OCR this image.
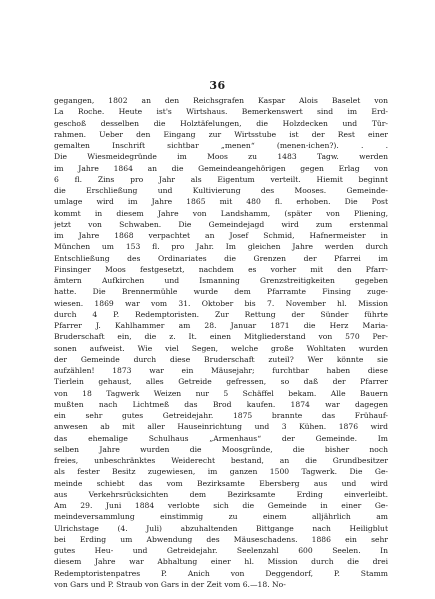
36
gegangen, 1802 an den Reichsgrafen Kaspar Alois Baselet von
La Roche. Heute ist's Wirtshaus. Bemerkenswert sind im Erd-
geschoß desselben die Holztäfelungen, die Holzdecken und Tür-
rahmen. Ueber den Eingang zur Wirtsstube ist der Rest einer
gemalten Inschrift sichtbar „menen“ (menen-ichen?). . .
Die Wiesmeidegründe im Moos zu 1483 Tagw. werden
im Jahre 1864 an die Gemeindeangehörigen gegen Erlag von
6 fl. Zins pro Jahr als Eigentum verteilt. Hiemit beginnt
die Erschließung und Kultivierung des Mooses. Gemeinde-
umlage wird im Jahre 1865 mit 480 fl. erhoben. Die Post
kommt in diesem Jahre von Landshamm, (später von Pliening,
jetzt von Schwaben. Die Gemeindejagd wird zum erstenmal
im Jahre 1868 verpachtet an Josef Schmid, Hafnermeister in
München um 153 fl. pro Jahr. Im gleichen Jahre werden durch
Entschließung des Ordinariates die Grenzen der Pfarrei im
Finsinger Moos festgesetzt, nachdem es vorher mit den Pfarr-
ämtern Aufkirchen und Ismanning Grenzstreitigkeiten gegeben
hatte. Die Brennermühle wurde dem Pfarramte Finsing zuge-
wiesen. 1869 war vom 31. Oktober bis 7. November hl. Mission
durch 4 P. Redemptoristen. Zur Rettung der Sünder führte
Pfarrer J. Kahlhammer am 28. Januar 1871 die Herz Maria-
Bruderschaft ein, die z. It. einen Mitgliederstand von 570 Per-
sonen aufweist. Wie viel Segen, welche große Wohltaten wurden
der Gemeinde durch diese Bruderschaft zuteil? Wer könnte sie
aufzählen! 1873 war ein Mäusejahr; furchtbar haben diese
Tierlein gehaust, alles Getreide gefressen, so daß der Pfarrer
von 18 Tagwerk Weizen nur 5 Schäffel bekam. Alle Bauern
mußten nach Lichtmeß das Brod kaufen. 1874 war dagegen
ein sehr gutes Getreidejahr. 1875 brannte das Frühauf-
anwesen ab mit aller Hauseinrichtung und 3 Kühen. 1876 wird
das ehemalige Schulhaus „Armenhaus“ der Gemeinde. Im
selben Jahre wurden die Moosgründe, die bisher noch
freies, unbeschränktes Weiderecht bestand, an die Grundbesitzer
als fester Besitz zugewiesen, im ganzen 1500 Tagwerk. Die Ge-
meinde schiebt das vom Bezirksamte Ebersberg aus und wird
aus Verkehrsrücksichten dem Bezirksamte Erding einverleibt.
Am 29. Juni 1884 verlobte sich die Gemeinde in einer Ge-
meindeversammlung einstimmig zu einem alljährlich am
Ulrichstage (4. Juli) abzuhaltenden Bittgange nach Heiligblut
bei Erding um Abwendung des Mäuseschadens. 1886 ein sehr
gutes Heu- und Getreidejahr. Seelenzahl 600 Seelen. In
diesem Jahre war Abhaltung einer hl. Mission durch die drei
Redemptoristenpatres P. Anich von Deggendorf, P. Stamm
von Gars und P. Straub von Gars in der Zeit vom 6.—18. No-
